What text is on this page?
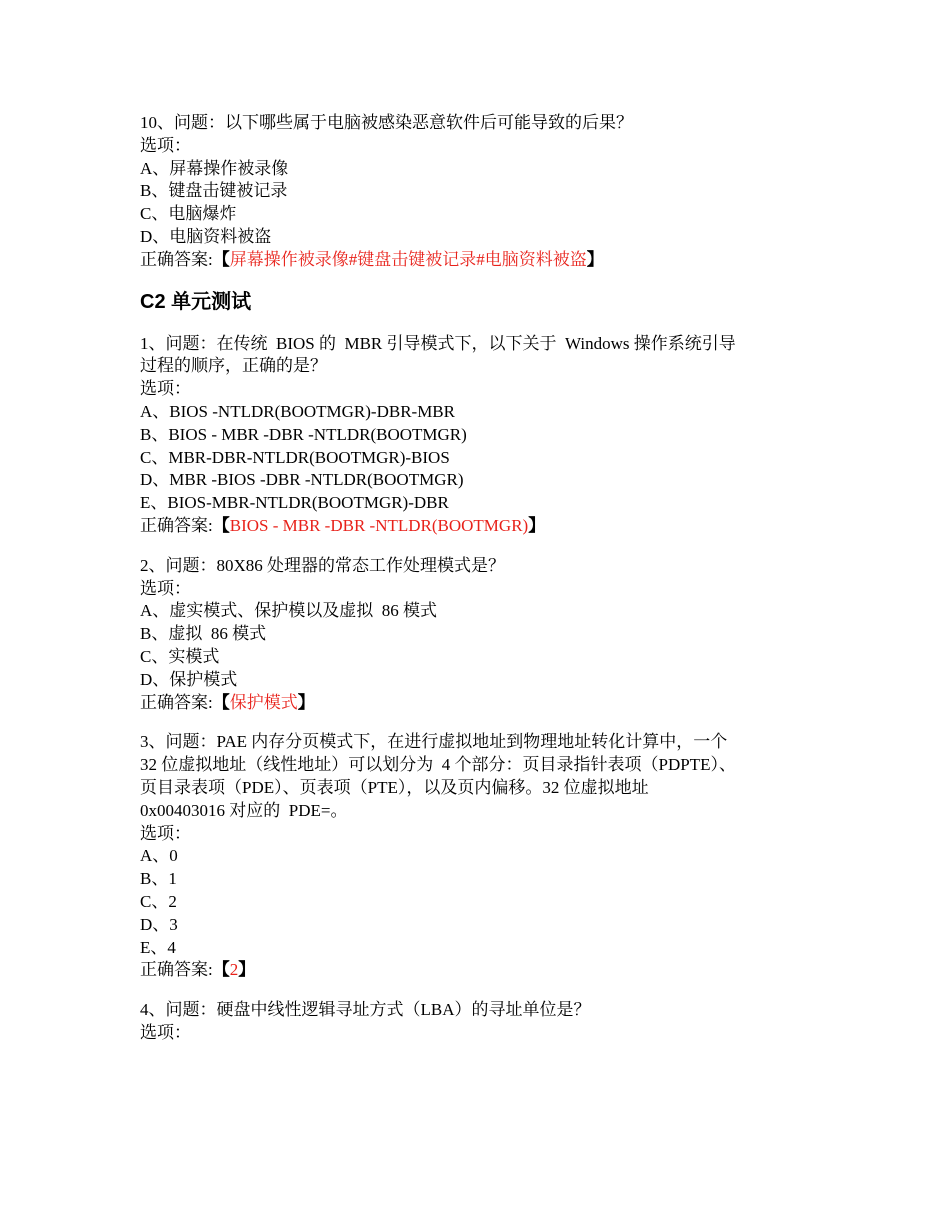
10、问题：以下哪些属于电脑被感染恶意软件后可能导致的后果？

选项：

A、屏幕操作被录像

B、键盘击键被记录

C、电脑爆炸

D、电脑资料被盗

正确答案:【屏幕操作被录像#键盘击键被记录#电脑资料被盗】

C2 单元测试

1、问题：在传统  BIOS 的  MBR 引导模式下，以下关于  Windows 操作系统引导

过程的顺序，正确的是？

选项：

A、BIOS -NTLDR(BOOTMGR)-DBR-MBR

B、BIOS - MBR -DBR -NTLDR(BOOTMGR)

C、MBR-DBR-NTLDR(BOOTMGR)-BIOS

D、MBR -BIOS -DBR -NTLDR(BOOTMGR)

E、BIOS-MBR-NTLDR(BOOTMGR)-DBR

正确答案:【BIOS - MBR -DBR -NTLDR(BOOTMGR)】

2、问题：80X86 处理器的常态工作处理模式是？

选项：

A、虚实模式、保护模以及虚拟  86 模式

B、虚拟  86 模式

C、实模式

D、保护模式

正确答案:【保护模式】

3、问题：PAE 内存分页模式下，在进行虚拟地址到物理地址转化计算中，一个

32 位虚拟地址（线性地址）可以划分为  4 个部分：页目录指针表项（PDPTE）、

页目录表项（PDE）、页表项（PTE），以及页内偏移。32 位虚拟地址

0x00403016 对应的  PDE=。

选项：

A、0

B、1

C、2

D、3

E、4

正确答案:【2】

4、问题：硬盘中线性逻辑寻址方式（LBA）的寻址单位是？

选项：
